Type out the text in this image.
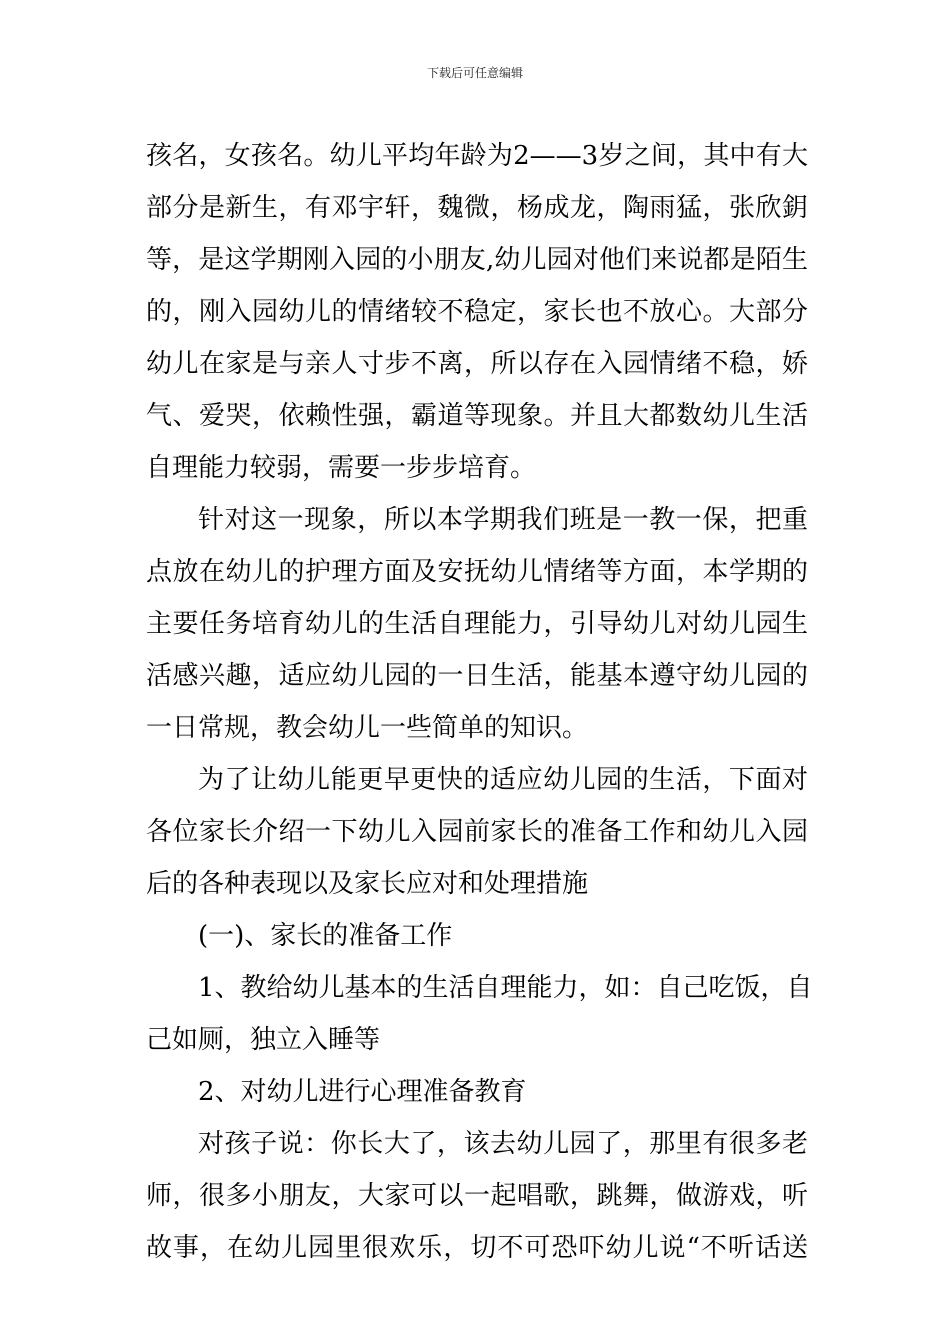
下载后可任意编辑
孩名，女孩名。幼儿平均年龄为2——3岁之间，其中有大
部分是新生，有邓宇轩，魏微，杨成龙，陶雨猛，张欣鈅
等，是这学期刚入园的小朋友,幼儿园对他们来说都是陌生
的，刚入园幼儿的情绪较不稳定，家长也不放心。大部分
幼儿在家是与亲人寸步不离，所以存在入园情绪不稳，娇
气、爱哭，依赖性强，霸道等现象。并且大都数幼儿生活
自理能力较弱，需要一步步培育。
针对这一现象，所以本学期我们班是一教一保，把重
点放在幼儿的护理方面及安抚幼儿情绪等方面，本学期的
主要任务培育幼儿的生活自理能力，引导幼儿对幼儿园生
活感兴趣，适应幼儿园的一日生活，能基本遵守幼儿园的
一日常规，教会幼儿一些简单的知识。
为了让幼儿能更早更快的适应幼儿园的生活，下面对
各位家长介绍一下幼儿入园前家长的准备工作和幼儿入园
后的各种表现以及家长应对和处理措施
(一)、家长的准备工作
1、教给幼儿基本的生活自理能力，如：自己吃饭，自
己如厕，独立入睡等
2、对幼儿进行心理准备教育
对孩子说：你长大了，该去幼儿园了，那里有很多老
师，很多小朋友，大家可以一起唱歌，跳舞，做游戏，听
故事，在幼儿园里很欢乐，切不可恐吓幼儿说“不听话送
